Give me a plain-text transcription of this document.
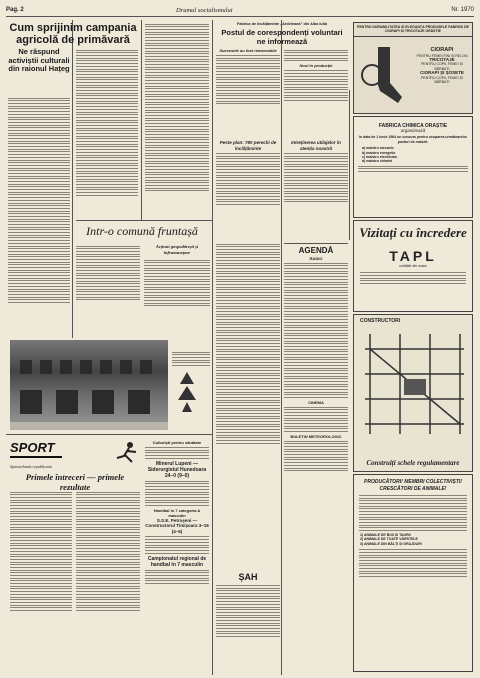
Pag. 2	Drumul socialismului	Nr. 1970
Cum sprijinim campania agricolă de primăvară
Ne răspund activiștii culturali din raionul Hațeg
Intr-o comună fruntașă
Acțiuni gospodărești și înfrumusețare
SPORT
Spartachiada republicană
Primele întreceri — primele rezultate
Culturiști pentru sănătate
Minerul Lupeni — Siderurgistul Hunedoara 24–0 (9–0)
Handbal în 7 categoria A masculin
S.S.E. Petroșeni — Constructorul Timișoara 3–16 (4–6)
Campionatul regional de handbal în 7 masculin
Fabrica de încălțăminte „Ardeleana” din Alba Iulia
Postul de corespondenți voluntari ne informează
Succesele au fost remarcabile
Noul în producție
Peste plan: 780 perechi de încălțăminte
Intreținerea utilajelor în atenția noastră
ȘAH
AGENDĂ
RADIO
CINEMA
BULETIN METEOROLOGIC
PENTRU DURABILITATEA ȘI ELEGANȚA PRODUSELE FABRICII DE CIORAPI ȘI TRICOTAJE ORĂȘTIE
CIORAPI
PENTRU FEMEI FINI ȘI RELON
TRICOTAJE
PENTRU COPII, FEMEI ȘI BĂRBAȚI
CIORAPI ȘI ȘOSETE
PENTRU COPII, FEMEI ȘI BĂRBAȚI
FABRICA CHIMICA ORAȘTIE
organizează
în data de 1 iunie 1964 un concurs pentru ocuparea următoarelor posturi de maiștri:
a) maistru mecanic
b) maistru energetic
c) maistru electrician
d) maistru chimist
Vizitați cu încredere
TAPL
unitățile din orașe
CONSTRUCTORI
Construiți schele regulamentare
PRODUCĂTORI! MEMBRI COLECTIVIȘTI! CRESCĂTORI DE ANIMALE!
1) ANIMALE DE BOII ȘI TAURII
2) ANIMALE DE TOATE VÂRSTELE
3) ANIMALE DIN BĂLȚI ȘI GRAJDURI
